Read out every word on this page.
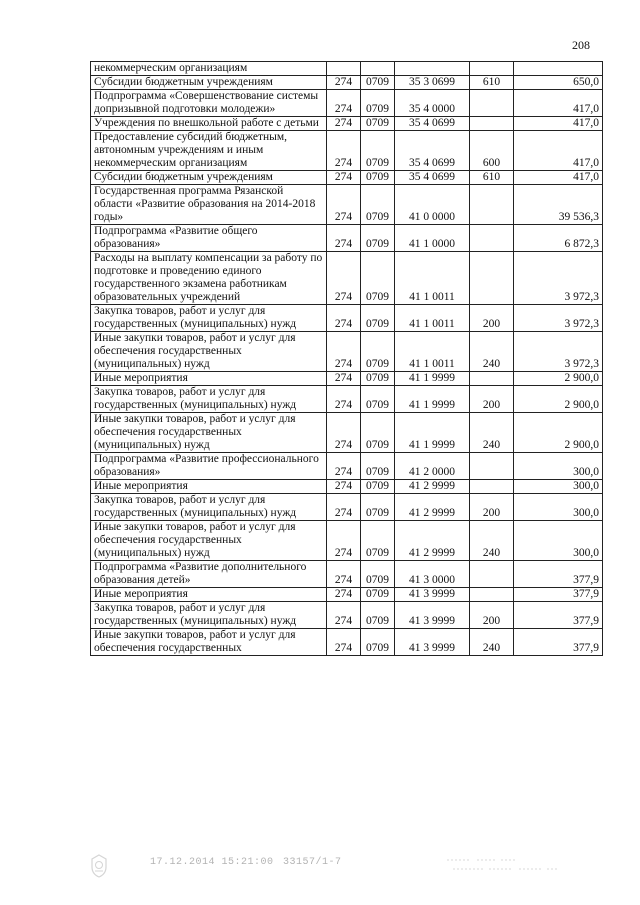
208
некоммерческим организациям					
Субсидии бюджетным учреждениям	274	0709	35 3 0699	610	650,0
Подпрограмма «Совершенствование системы допризывной подготовки молодежи»	274	0709	35 4 0000		417,0
Учреждения по внешкольной работе с детьми	274	0709	35 4 0699		417,0
Предоставление субсидий бюджетным, автономным учреждениям и иным некоммерческим организациям	274	0709	35 4 0699	600	417,0
Субсидии бюджетным учреждениям	274	0709	35 4 0699	610	417,0
Государственная программа Рязанской области «Развитие образования на 2014-2018 годы»	274	0709	41 0 0000		39 536,3
Подпрограмма «Развитие общего образования»	274	0709	41 1 0000		6 872,3
Расходы на выплату компенсации за работу по подготовке и проведению единого государственного экзамена работникам образовательных учреждений	274	0709	41 1 0011		3 972,3
Закупка товаров, работ и услуг для государственных (муниципальных) нужд	274	0709	41 1 0011	200	3 972,3
Иные закупки товаров, работ и услуг для обеспечения государственных (муниципальных) нужд	274	0709	41 1 0011	240	3 972,3
Иные мероприятия	274	0709	41 1 9999		2 900,0
Закупка товаров, работ и услуг для государственных (муниципальных) нужд	274	0709	41 1 9999	200	2 900,0
Иные закупки товаров, работ и услуг для обеспечения государственных (муниципальных) нужд	274	0709	41 1 9999	240	2 900,0
Подпрограмма «Развитие профессионального образования»	274	0709	41 2 0000		300,0
Иные мероприятия	274	0709	41 2 9999		300,0
Закупка товаров, работ и услуг для государственных (муниципальных) нужд	274	0709	41 2 9999	200	300,0
Иные закупки товаров, работ и услуг для обеспечения государственных (муниципальных) нужд	274	0709	41 2 9999	240	300,0
Подпрограмма «Развитие дополнительного образования детей»	274	0709	41 3 0000		377,9
Иные мероприятия	274	0709	41 3 9999		377,9
Закупка товаров, работ и услуг для государственных (муниципальных) нужд	274	0709	41 3 9999	200	377,9
Иные закупки товаров, работ и услуг для обеспечения государственных	274	0709	41 3 9999	240	377,9
17.12.2014 15:21:00 33157/1-7
